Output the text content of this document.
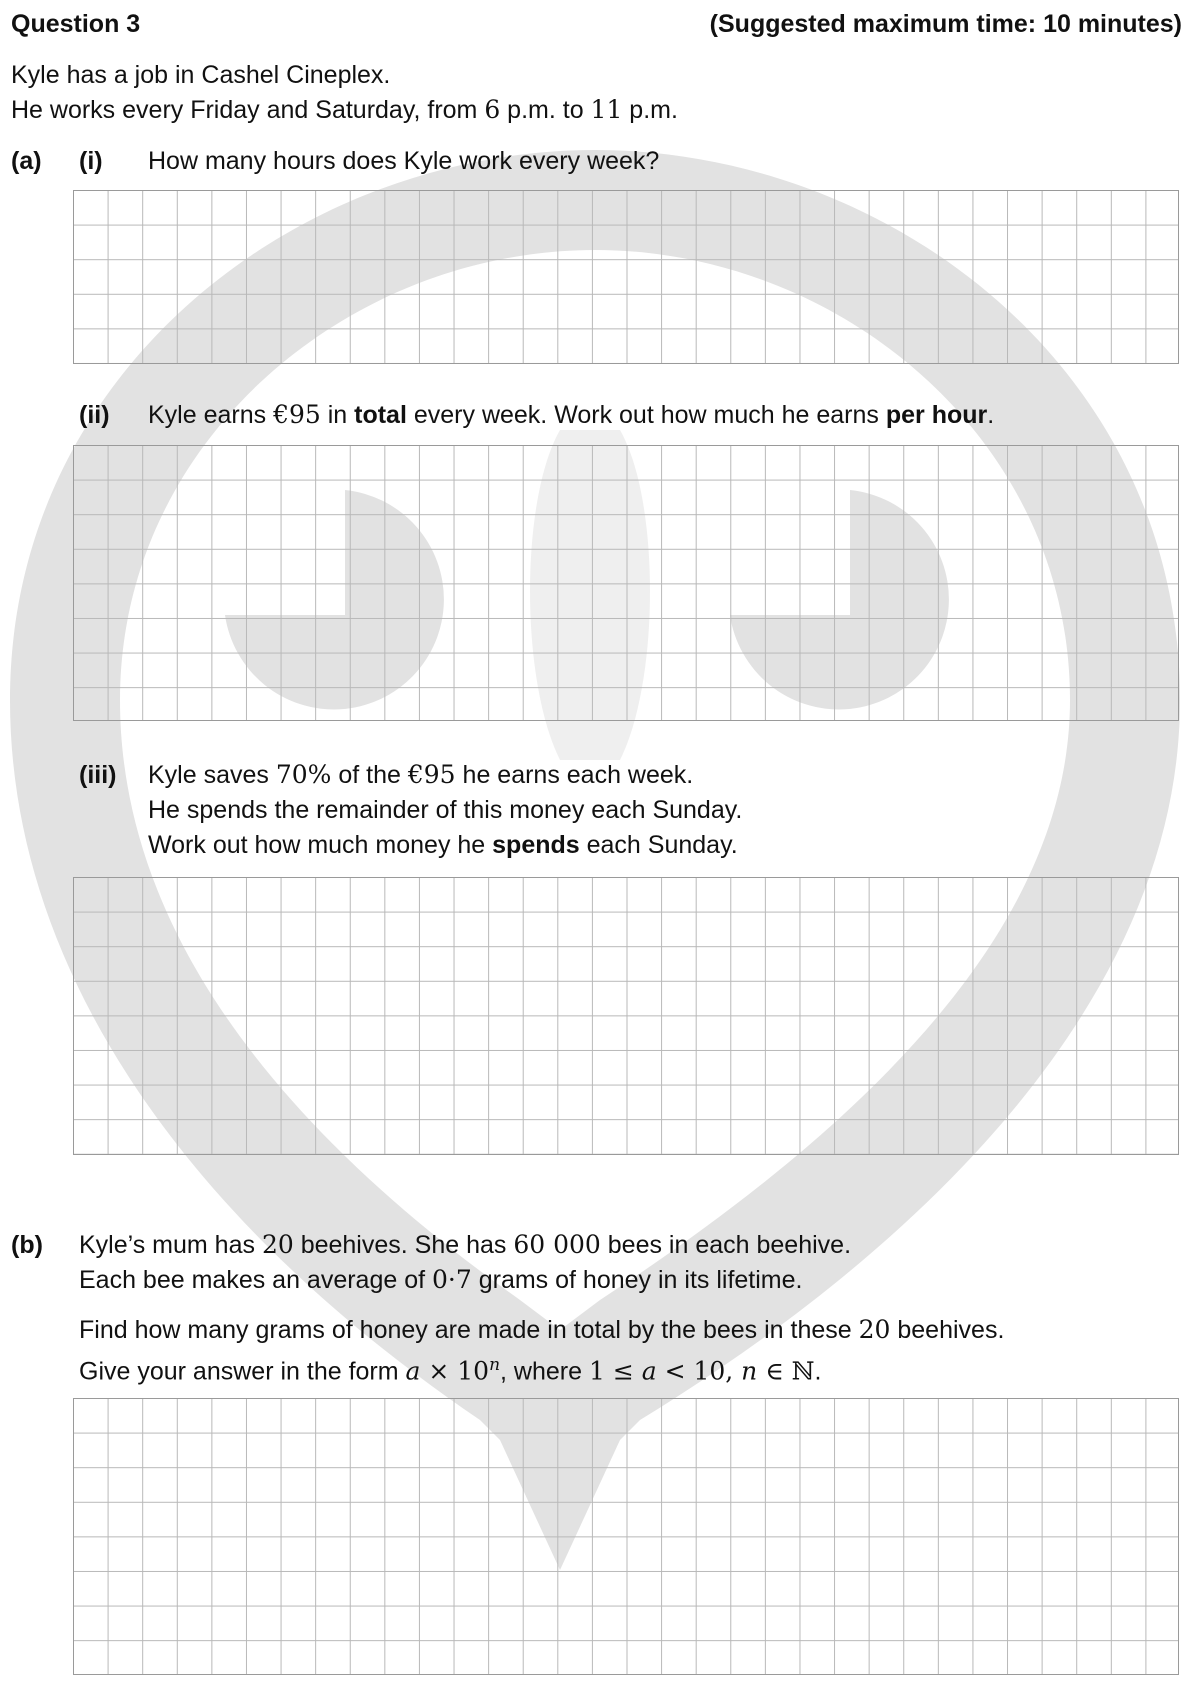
Question 3	(Suggested maximum time: 10 minutes)
Kyle has a job in Cashel Cineplex.
He works every Friday and Saturday, from 6 p.m. to 11 p.m.
(a) (i) How many hours does Kyle work every week?
(ii) Kyle earns €95 in total every week. Work out how much he earns per hour.
(iii) Kyle saves 70% of the €95 he earns each week.
He spends the remainder of this money each Sunday.
Work out how much money he spends each Sunday.
(b) Kyle’s mum has 20 beehives. She has 60 000 bees in each beehive.
Each bee makes an average of 0·7 grams of honey in its lifetime.
Find how many grams of honey are made in total by the bees in these 20 beehives.
Give your answer in the form $a \times 10^n$, where 1 ≤ a < 10, n ∈ ℕ.
